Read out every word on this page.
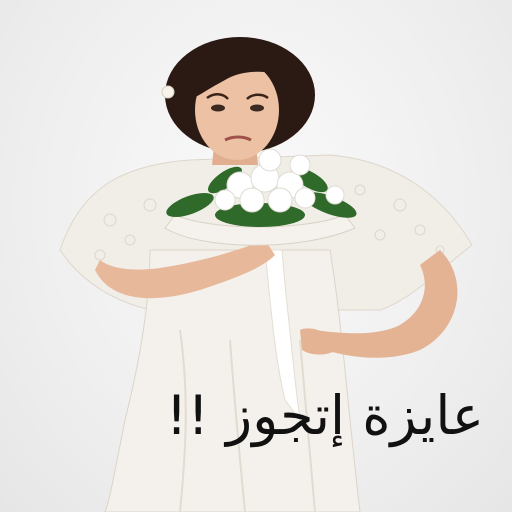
عايزة إتجوز !!
